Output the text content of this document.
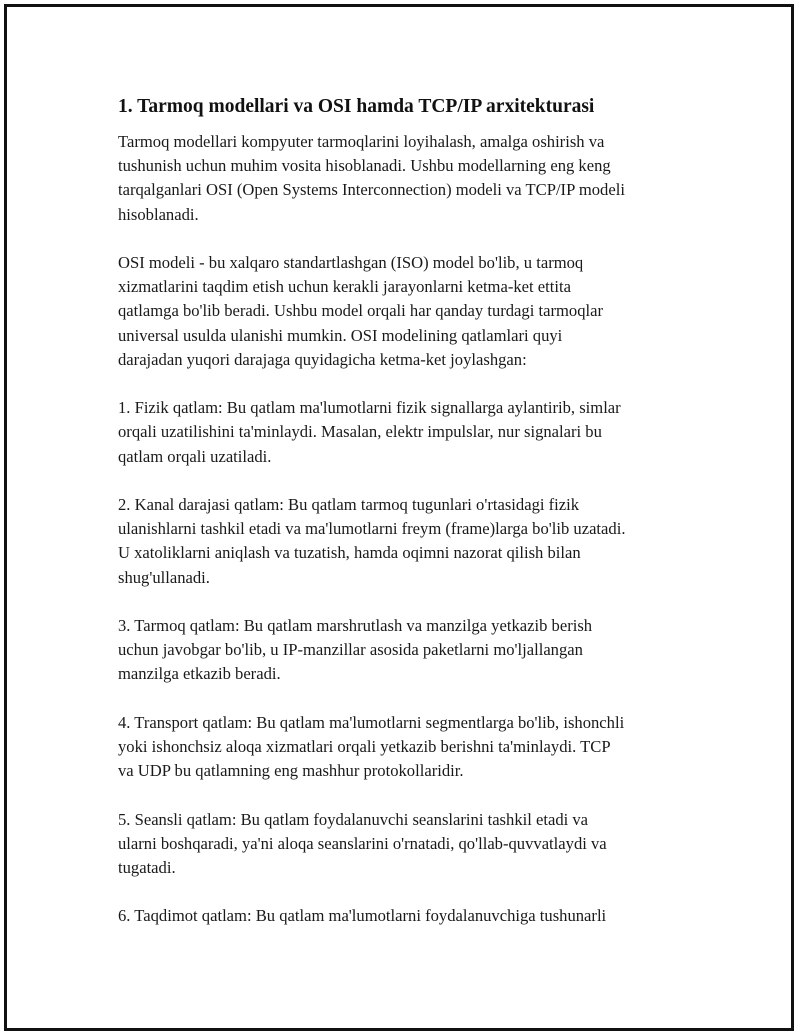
1. Tarmoq modellari va OSI hamda TCP/IP arxitekturasi

Tarmoq modellari kompyuter tarmoqlarini loyihalash, amalga oshirish va
tushunish uchun muhim vosita hisoblanadi. Ushbu modellarning eng keng
tarqalganlari OSI (Open Systems Interconnection) modeli va TCP/IP modeli
hisoblanadi.

OSI modeli - bu xalqaro standartlashgan (ISO) model bo'lib, u tarmoq
xizmatlarini taqdim etish uchun kerakli jarayonlarni ketma-ket ettita
qatlamga bo'lib beradi. Ushbu model orqali har qanday turdagi tarmoqlar
universal usulda ulanishi mumkin. OSI modelining qatlamlari quyi
darajadan yuqori darajaga quyidagicha ketma-ket joylashgan:

1. Fizik qatlam: Bu qatlam ma'lumotlarni fizik signallarga aylantirib, simlar
orqali uzatilishini ta'minlaydi. Masalan, elektr impulslar, nur signalari bu
qatlam orqali uzatiladi.

2. Kanal darajasi qatlam: Bu qatlam tarmoq tugunlari o'rtasidagi fizik
ulanishlarni tashkil etadi va ma'lumotlarni freym (frame)larga bo'lib uzatadi.
U xatoliklarni aniqlash va tuzatish, hamda oqimni nazorat qilish bilan
shug'ullanadi.

3. Tarmoq qatlam: Bu qatlam marshrutlash va manzilga yetkazib berish
uchun javobgar bo'lib, u IP-manzillar asosida paketlarni mo'ljallangan
manzilga etkazib beradi.

4. Transport qatlam: Bu qatlam ma'lumotlarni segmentlarga bo'lib, ishonchli
yoki ishonchsiz aloqa xizmatlari orqali yetkazib berishni ta'minlaydi. TCP
va UDP bu qatlamning eng mashhur protokollaridir.

5. Seansli qatlam: Bu qatlam foydalanuvchi seanslarini tashkil etadi va
ularni boshqaradi, ya'ni aloqa seanslarini o'rnatadi, qo'llab-quvvatlaydi va
tugatadi.

6. Taqdimot qatlam: Bu qatlam ma'lumotlarni foydalanuvchiga tushunarli
